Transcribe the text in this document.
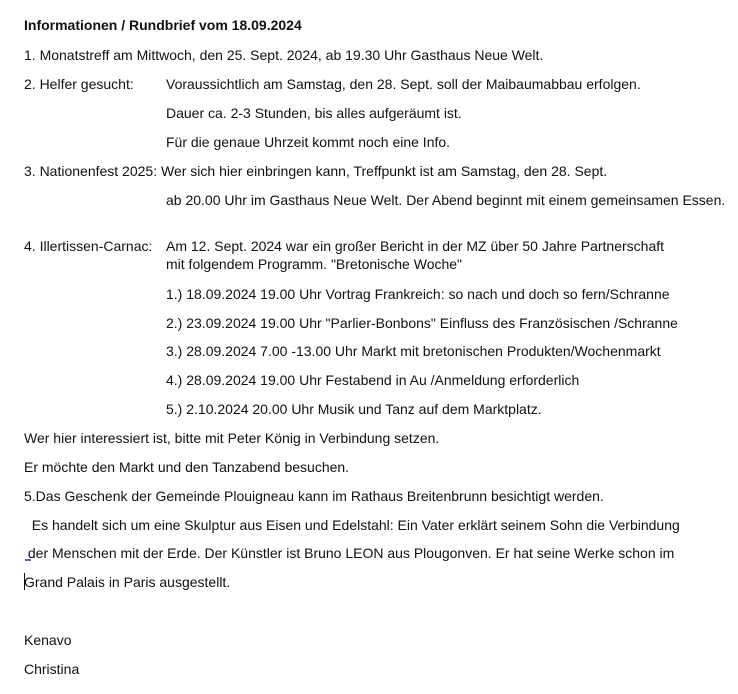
Informationen / Rundbrief vom 18.09.2024
1. Monatstreff am Mittwoch, den 25. Sept. 2024, ab 19.30 Uhr Gasthaus Neue Welt.
2. Helfer gesucht: Voraussichtlich am Samstag, den 28. Sept. soll der Maibaumabbau erfolgen.
Dauer ca. 2-3 Stunden, bis alles aufgeräumt ist.
Für die genaue Uhrzeit kommt noch eine Info.
3. Nationenfest 2025: Wer sich hier einbringen kann, Treffpunkt ist am Samstag, den 28. Sept.
ab 20.00 Uhr im Gasthaus Neue Welt. Der Abend beginnt mit einem gemeinsamen Essen.
4. Illertissen-Carnac: Am 12. Sept. 2024 war ein großer Bericht in der MZ über 50 Jahre Partnerschaft mit folgendem Programm. "Bretonische Woche"
1.) 18.09.2024 19.00 Uhr Vortrag Frankreich: so nach und doch so fern/Schranne
2.) 23.09.2024 19.00 Uhr "Parlier-Bonbons" Einfluss des Französischen /Schranne
3.) 28.09.2024 7.00 -13.00 Uhr Markt mit bretonischen Produkten/Wochenmarkt
4.) 28.09.2024 19.00 Uhr Festabend in Au /Anmeldung erforderlich
5.) 2.10.2024 20.00 Uhr Musik und Tanz auf dem Marktplatz.
Wer hier interessiert ist, bitte mit Peter König in Verbindung setzen.
Er möchte den Markt und den Tanzabend besuchen.
5.Das Geschenk der Gemeinde Plouigneau kann im Rathaus Breitenbrunn besichtigt werden.
Es handelt sich um eine Skulptur aus Eisen und Edelstahl: Ein Vater erklärt seinem Sohn die Verbindung
der Menschen mit der Erde. Der Künstler ist Bruno LEON aus Plougonven. Er hat seine Werke schon im
Grand Palais in Paris ausgestellt.
Kenavo
Christina
